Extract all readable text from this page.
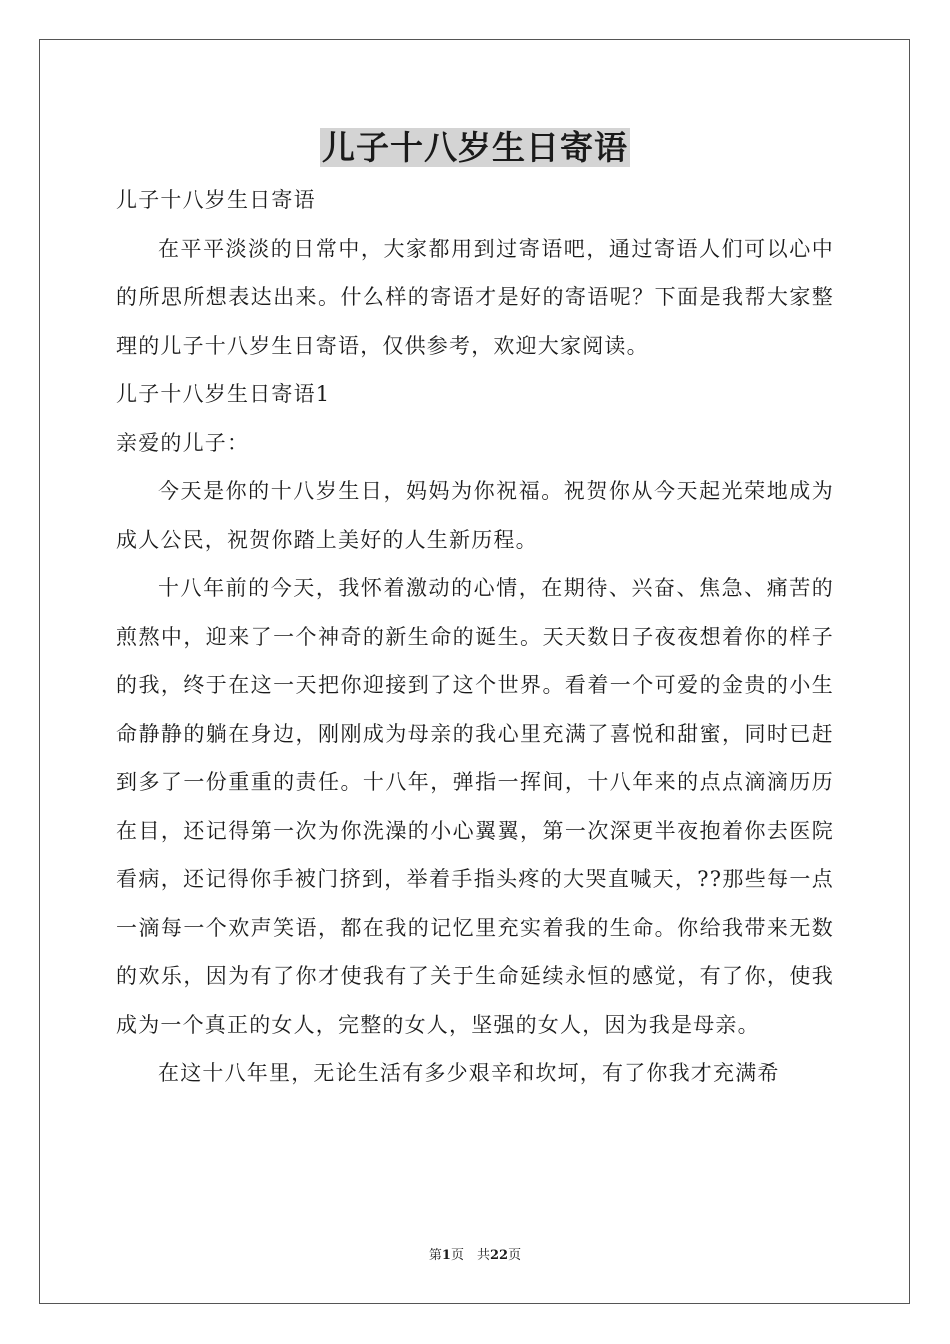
儿子十八岁生日寄语

儿子十八岁生日寄语

在平平淡淡的日常中，大家都用到过寄语吧，通过寄语人们可以心中的所思所想表达出来。什么样的寄语才是好的寄语呢？下面是我帮大家整理的儿子十八岁生日寄语，仅供参考，欢迎大家阅读。

儿子十八岁生日寄语1

亲爱的儿子：

今天是你的十八岁生日，妈妈为你祝福。祝贺你从今天起光荣地成为成人公民，祝贺你踏上美好的人生新历程。

十八年前的今天，我怀着激动的心情，在期待、兴奋、焦急、痛苦的煎熬中，迎来了一个神奇的新生命的诞生。天天数日子夜夜想着你的样子的我，终于在这一天把你迎接到了这个世界。看着一个可爱的金贵的小生命静静的躺在身边，刚刚成为母亲的我心里充满了喜悦和甜蜜，同时已赶到多了一份重重的责任。十八年，弹指一挥间，十八年来的点点滴滴历历在目，还记得第一次为你洗澡的小心翼翼，第一次深更半夜抱着你去医院看病，还记得你手被门挤到，举着手指头疼的大哭直喊天，??那些每一点一滴每一个欢声笑语，都在我的记忆里充实着我的生命。你给我带来无数的欢乐，因为有了你才使我有了关于生命延续永恒的感觉，有了你，使我成为一个真正的女人，完整的女人，坚强的女人，因为我是母亲。

在这十八年里，无论生活有多少艰辛和坎坷，有了你我才充满希

第1页　共22页
